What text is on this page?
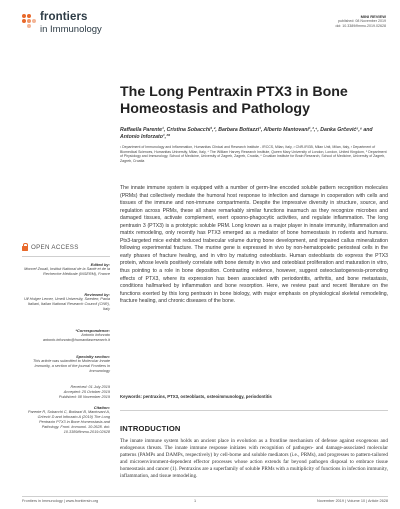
frontiers
in Immunology
MINI REVIEW
published: 08 November 2019
doi: 10.3389/fimmu.2019.02628
The Long Pentraxin PTX3 in Bone Homeostasis and Pathology
Raffaella Parente¹, Cristina Sobacchi¹,², Barbara Bottazzi¹, Alberto Mantovani¹,³,⁴, Danka Grčević⁵,⁶ and Antonio Inforzato¹,³*
¹ Department of Immunology and Inflammation, Humanitas Clinical and Research Institute - IRCCS, Milan, Italy, ² CNR-IRGB, Milan Unit, Milan, Italy, ³ Department of Biomedical Sciences, Humanitas University, Milan, Italy, ⁴ The William Harvey Research Institute, Queen Mary University of London, London, United Kingdom, ⁵ Department of Physiology and Immunology, School of Medicine, University of Zagreb, Zagreb, Croatia, ⁶ Croatian Institute for Brain Research, School of Medicine, University of Zagreb, Zagreb, Croatia
The innate immune system is equipped with a number of germ-line encoded soluble pattern recognition molecules (PRMs) that collectively mediate the humoral host response to infection and damage in cooperation with cells and tissues of the immune and non-immune compartments. Despite the impressive diversity in structure, source, and regulation across PRMs, these all share remarkably similar functions inasmuch as they recognize microbes and damaged tissues, activate complement, exert opsono-phagocytic activities, and regulate inflammation. The long pentraxin 3 (PTX3) is a prototypic soluble PRM. Long known as a major player in innate immunity, inflammation and matrix remodeling, only recently has PTX3 emerged as a mediator of bone homeostasis in rodents and humans. Ptx3-targeted mice exhibit reduced trabecular volume during bone development, and impaired callus mineralization following experimental fracture. The murine gene is expressed in vivo by non-hematopoietic periosteal cells in the early phases of fracture healing, and in vitro by maturing osteoblasts. Human osteoblasts do express the PTX3 protein, whose levels positively correlate with bone density in vivo and osteoblast proliferation and maturation in vitro, thus pointing to a role in bone deposition. Contrasting evidence, however, suggest osteoclastogenesis-promoting effects of PTX3, where its expression has been associated with periodontitis, arthritis, and bone metastasis, conditions hallmarked by inflammation and bone resorption. Here, we review past and recent literature on the functions exerted by this long pentraxin in bone biology, with major emphasis on physiological skeletal remodeling, fracture healing, and chronic diseases of the bone.
Keywords: pentraxins, PTX3, osteoblasts, osteoimmunology, periodontitis
INTRODUCTION
The innate immune system holds an ancient place in evolution as a frontline mechanism of defense against exogenous and endogenous threats. The innate immune response initiates with recognition of pathogen- and damage-associated molecular patterns (PAMPs and DAMPs, respectively) by cell-borne and soluble mediators (i.e., PRMs), and progresses to pattern-tailored and microenvironment-dependent effector processes whose action extends far beyond pathogen disposal to embrace tissue homeostasis and cancer (1). Pentraxins are a superfamily of soluble PRMs with a multiplicity of functions in infection immunity, inflammation, and tissue remodeling.
OPEN ACCESS
Edited by:
Moncef Zouali, Institut National de la Santé et de la Recherche Médicale (INSERM), France
Reviewed by:
Ulf Holger Lerner, Umeå University, Sweden; Paola Italiani, Italian National Research Council (CNR), Italy
*Correspondence:
Antonio Inforzato antonio.inforzato@humanitasresearch.it
Specialty section:
This article was submitted to Molecular Innate Immunity, a section of the journal Frontiers in Immunology
Received: 01 July 2019
Accepted: 25 October 2019
Published: 08 November 2019
Citation:
Parente R, Sobacchi C, Bottazzi B, Mantovani A, Grčević D and Inforzato A (2019) The Long Pentraxin PTX3 in Bone Homeostasis and Pathology. Front. Immunol. 10:2628. doi: 10.3389/fimmu.2019.02628
Frontiers in Immunology | www.frontiersin.org	1	November 2019 | Volume 10 | Article 2628
